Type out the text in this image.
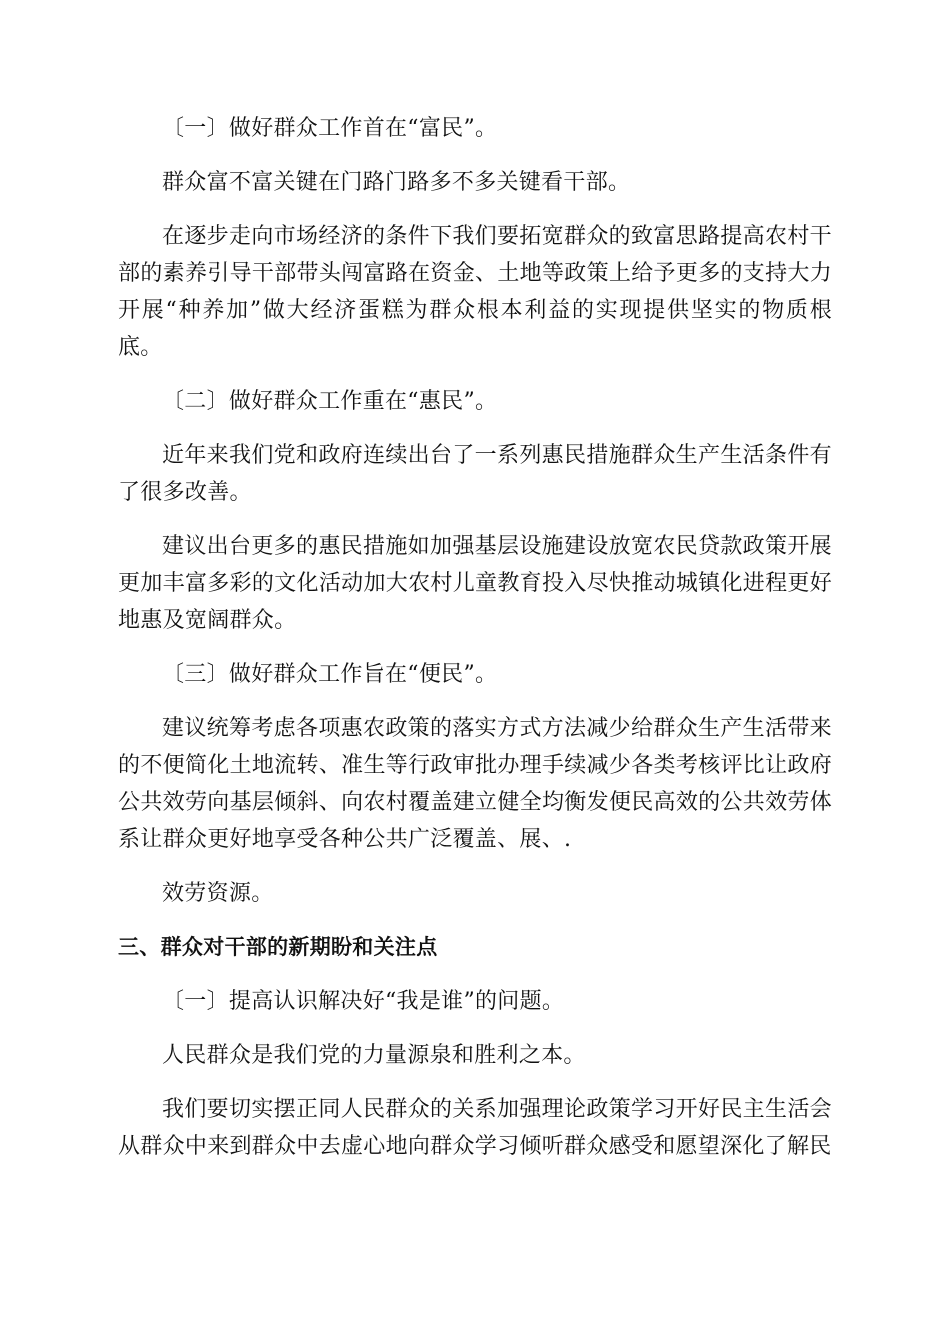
〔一〕做好群众工作首在“富民”。

群众富不富关键在门路门路多不多关键看干部。

在逐步走向市场经济的条件下我们要拓宽群众的致富思路提高农村干部的素养引导干部带头闯富路在资金、土地等政策上给予更多的支持大力开展“种养加”做大经济蛋糕为群众根本利益的实现提供坚实的物质根底。

〔二〕做好群众工作重在“惠民”。

近年来我们党和政府连续出台了一系列惠民措施群众生产生活条件有了很多改善。

建议出台更多的惠民措施如加强基层设施建设放宽农民贷款政策开展更加丰富多彩的文化活动加大农村儿童教育投入尽快推动城镇化进程更好地惠及宽阔群众。

〔三〕做好群众工作旨在“便民”。

建议统筹考虑各项惠农政策的落实方式方法减少给群众生产生活带来的不便简化土地流转、准生等行政审批办理手续减少各类考核评比让政府公共效劳向基层倾斜、向农村覆盖建立健全均衡发便民高效的公共效劳体系让群众更好地享受各种公共广泛覆盖、展、.

效劳资源。

三、群众对干部的新期盼和关注点

〔一〕提高认识解决好“我是谁”的问题。

人民群众是我们党的力量源泉和胜利之本。

我们要切实摆正同人民群众的关系加强理论政策学习开好民主生活会从群众中来到群众中去虚心地向群众学习倾听群众感受和愿望深化了解民
